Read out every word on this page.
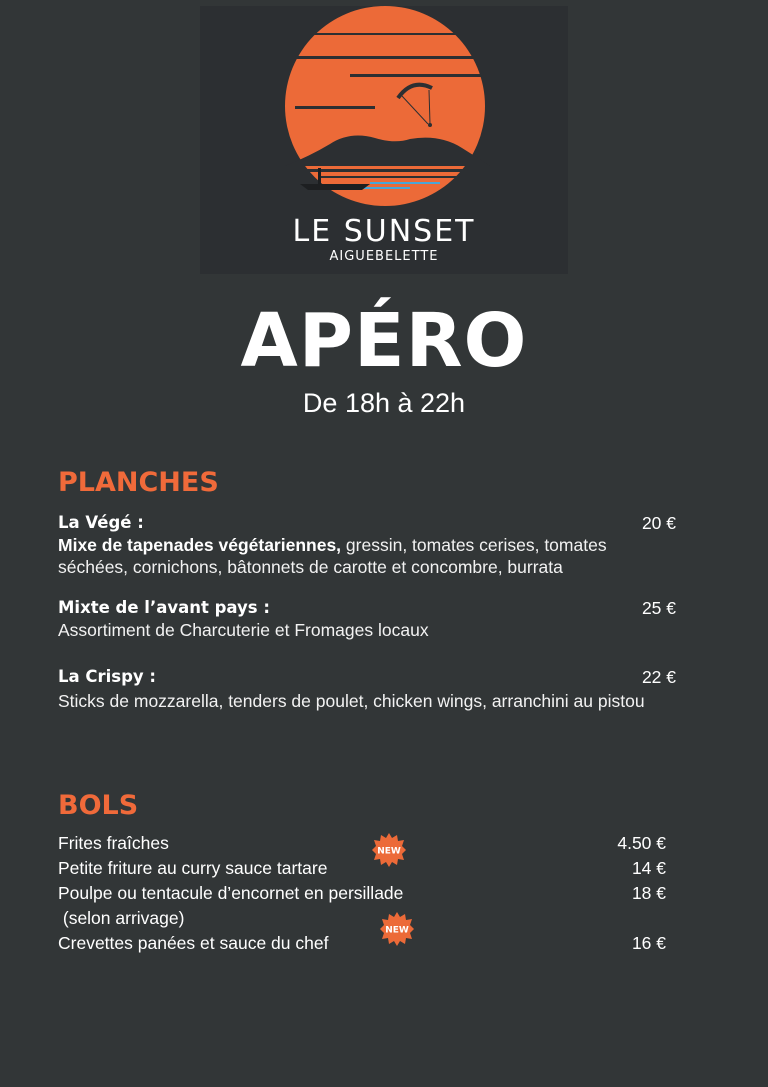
LE SUNSET
AIGUEBELETTE
APÉRO
De 18h à 22h
PLANCHES
La Végé :	20 €
Mixe de tapenades végétariennes, gressin, tomates cerises, tomates séchées, cornichons, bâtonnets de carotte et concombre, burrata
Mixte de l’avant pays :	25 €
Assortiment de Charcuterie et Fromages locaux
La Crispy :	22 €
Sticks de mozzarella, tenders de poulet, chicken wings, arranchini au pistou
BOLS
Frites fraîches	4.50 €
Petite friture au curry sauce tartare	14 €
Poulpe ou tentacule d’encornet en persillade	18 €
(selon arrivage)
Crevettes panées et sauce du chef	16 €
NEW
NEW
